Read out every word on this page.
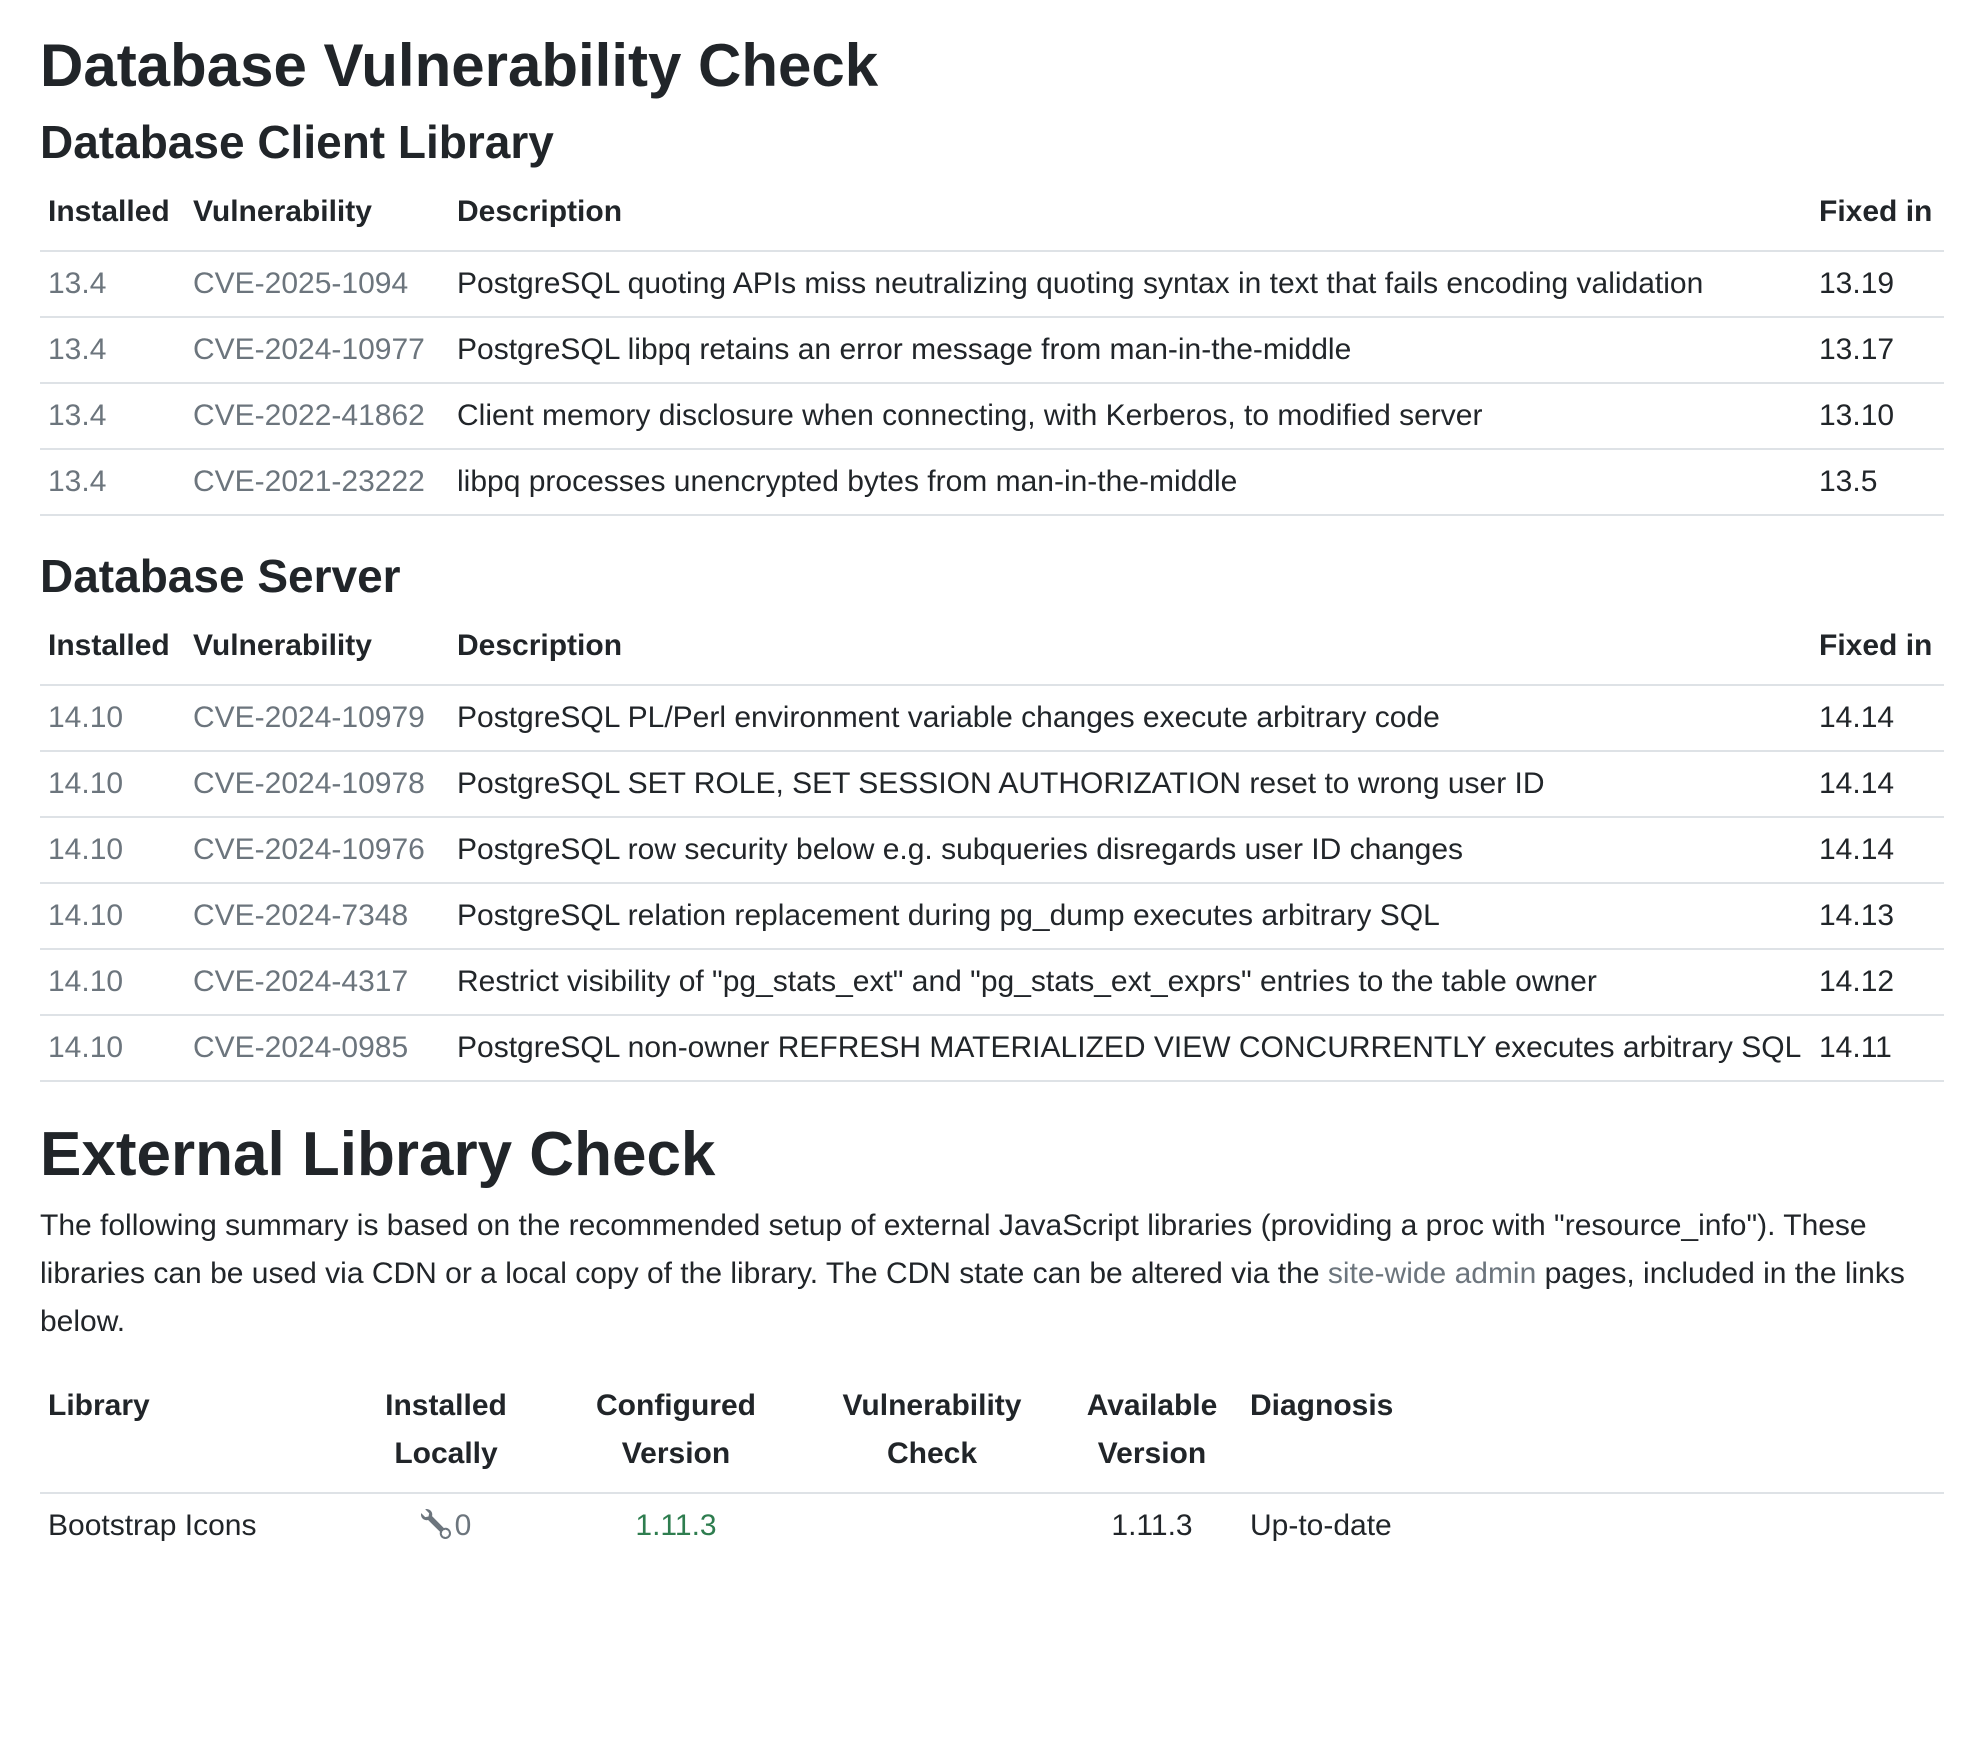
Database Vulnerability Check
Database Client Library
Installed	Vulnerability	Description	Fixed in
13.4	CVE-2025-1094	PostgreSQL quoting APIs miss neutralizing quoting syntax in text that fails encoding validation	13.19
13.4	CVE-2024-10977	PostgreSQL libpq retains an error message from man-in-the-middle	13.17
13.4	CVE-2022-41862	Client memory disclosure when connecting, with Kerberos, to modified server	13.10
13.4	CVE-2021-23222	libpq processes unencrypted bytes from man-in-the-middle	13.5
Database Server
Installed	Vulnerability	Description	Fixed in
14.10	CVE-2024-10979	PostgreSQL PL/Perl environment variable changes execute arbitrary code	14.14
14.10	CVE-2024-10978	PostgreSQL SET ROLE, SET SESSION AUTHORIZATION reset to wrong user ID	14.14
14.10	CVE-2024-10976	PostgreSQL row security below e.g. subqueries disregards user ID changes	14.14
14.10	CVE-2024-7348	PostgreSQL relation replacement during pg_dump executes arbitrary SQL	14.13
14.10	CVE-2024-4317	Restrict visibility of "pg_stats_ext" and "pg_stats_ext_exprs" entries to the table owner	14.12
14.10	CVE-2024-0985	PostgreSQL non-owner REFRESH MATERIALIZED VIEW CONCURRENTLY executes arbitrary SQL	14.11
External Library Check

The following summary is based on the recommended setup of external JavaScript libraries (providing a proc with "resource_info"). These libraries can be used via CDN or a local copy of the library. The CDN state can be altered via the site-wide admin pages, included in the links below.

Library	Installed Locally	Configured Version	Vulnerability Check	Available Version	Diagnosis
Bootstrap Icons	0	1.11.3		1.11.3	Up-to-date
